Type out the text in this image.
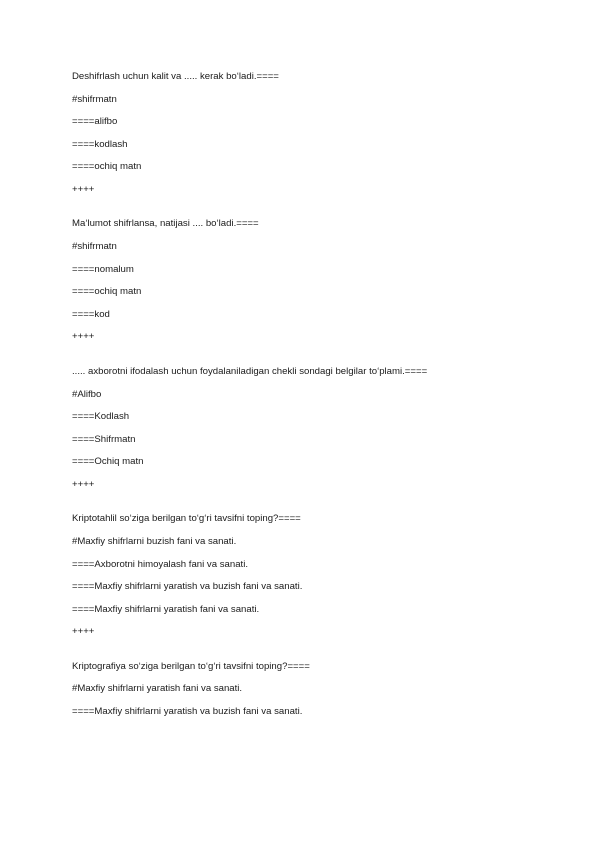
Deshifrlash uchun kalit va ..... kerak bo‘ladi.====
#shifrmatn
====alifbo
====kodlash
====ochiq matn
++++
Ma‘lumot shifrlansa, natijasi .... bo‘ladi.====
#shifrmatn
====nomalum
====ochiq matn
====kod
++++
..... axborotni ifodalash uchun foydalaniladigan chekli sondagi belgilar to‘plami.====
#Alifbo
====Kodlash
====Shifrmatn
====Ochiq matn
++++
Kriptotahlil so‘ziga berilgan to‘g‘ri tavsifni toping?====
#Maxfiy shifrlarni buzish fani va sanati.
====Axborotni himoyalash fani va sanati.
====Maxfiy shifrlarni yaratish va buzish fani va sanati.
====Maxfiy shifrlarni yaratish fani va sanati.
++++
Kriptografiya so‘ziga berilgan to‘g‘ri tavsifni toping?====
#Maxfiy shifrlarni yaratish fani va sanati.
====Maxfiy shifrlarni yaratish va buzish fani va sanati.
